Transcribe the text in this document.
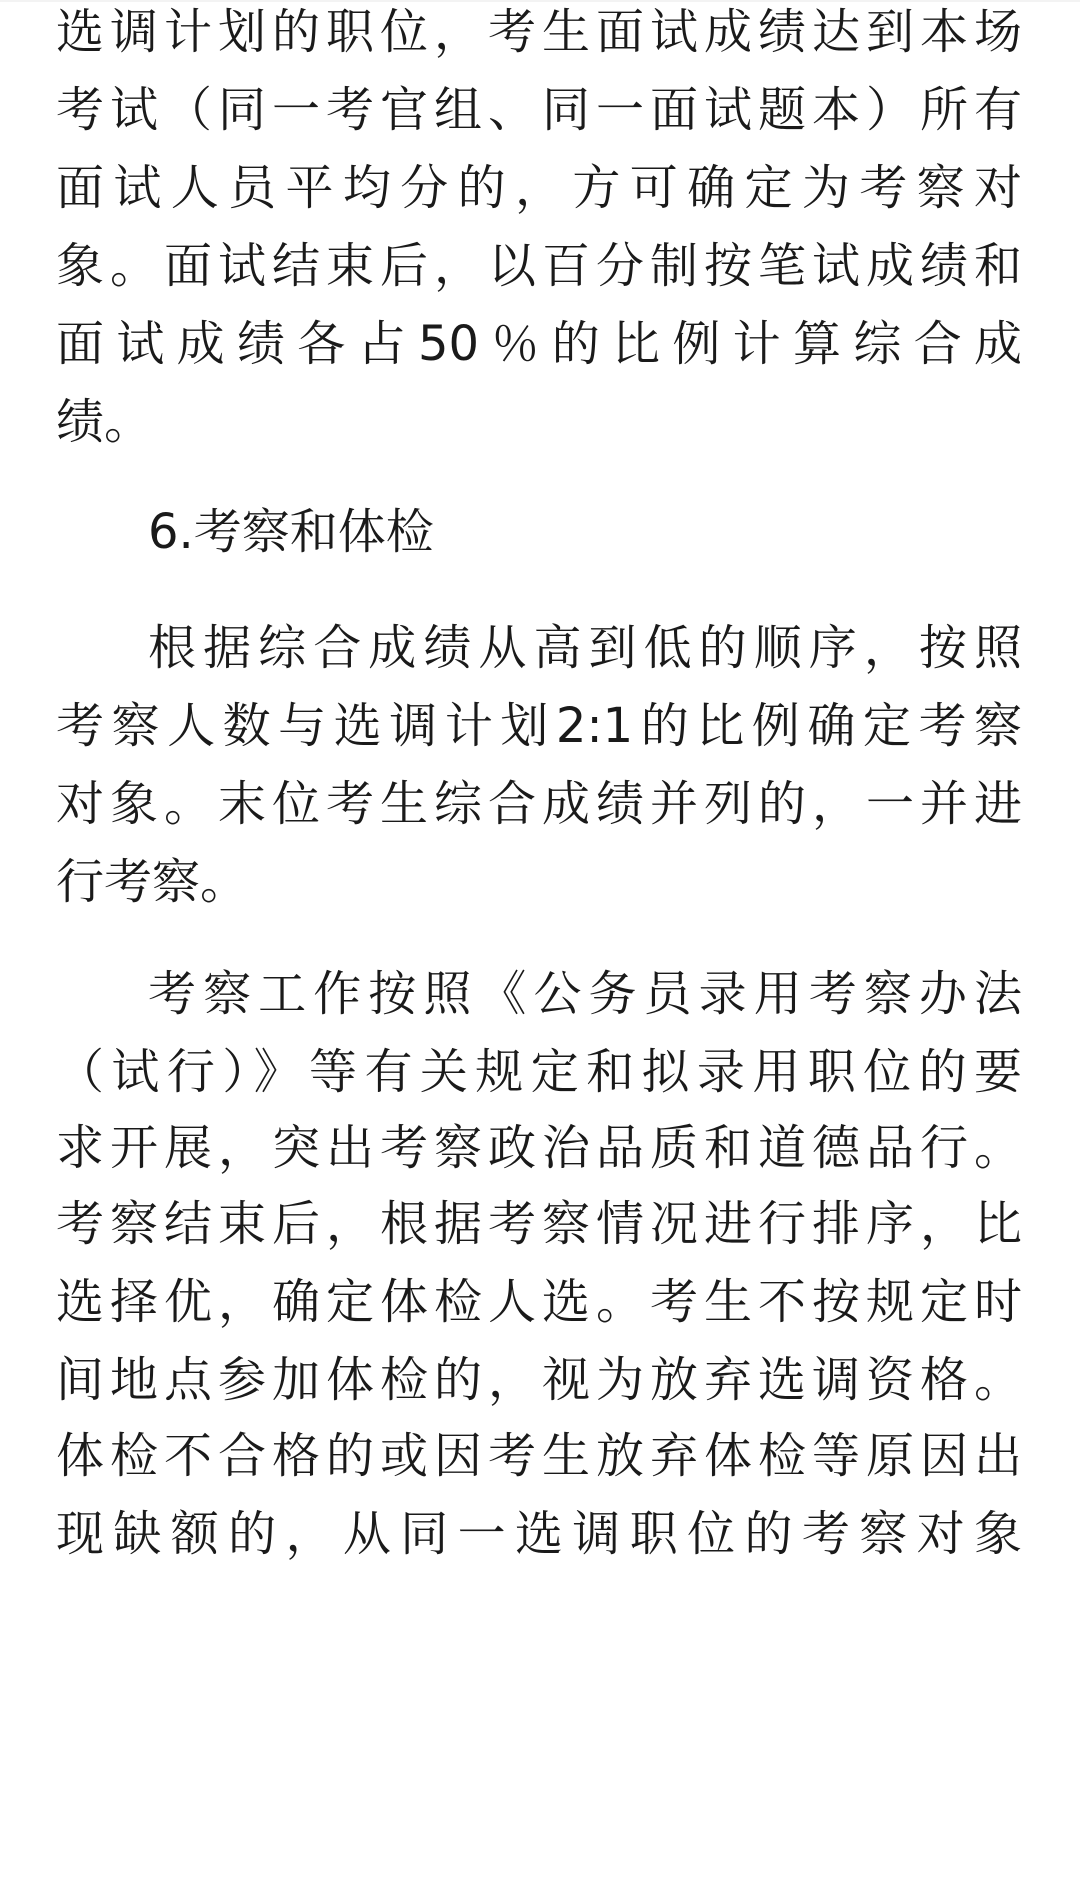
选调计划的职位，考生面试成绩达到本场
考试（同一考官组、同一面试题本）所有
面试人员平均分的，方可确定为考察对
象。面试结束后，以百分制按笔试成绩和
面试成绩各占50％的比例计算综合成
绩。
6.考察和体检
根据综合成绩从高到低的顺序，按照
考察人数与选调计划2:1的比例确定考察
对象。末位考生综合成绩并列的，一并进
行考察。
考察工作按照《公务员录用考察办法
（试行）》等有关规定和拟录用职位的要
求开展，突出考察政治品质和道德品行。
考察结束后，根据考察情况进行排序，比
选择优，确定体检人选。考生不按规定时
间地点参加体检的，视为放弃选调资格。
体检不合格的或因考生放弃体检等原因出
现缺额的，从同一选调职位的考察对象
